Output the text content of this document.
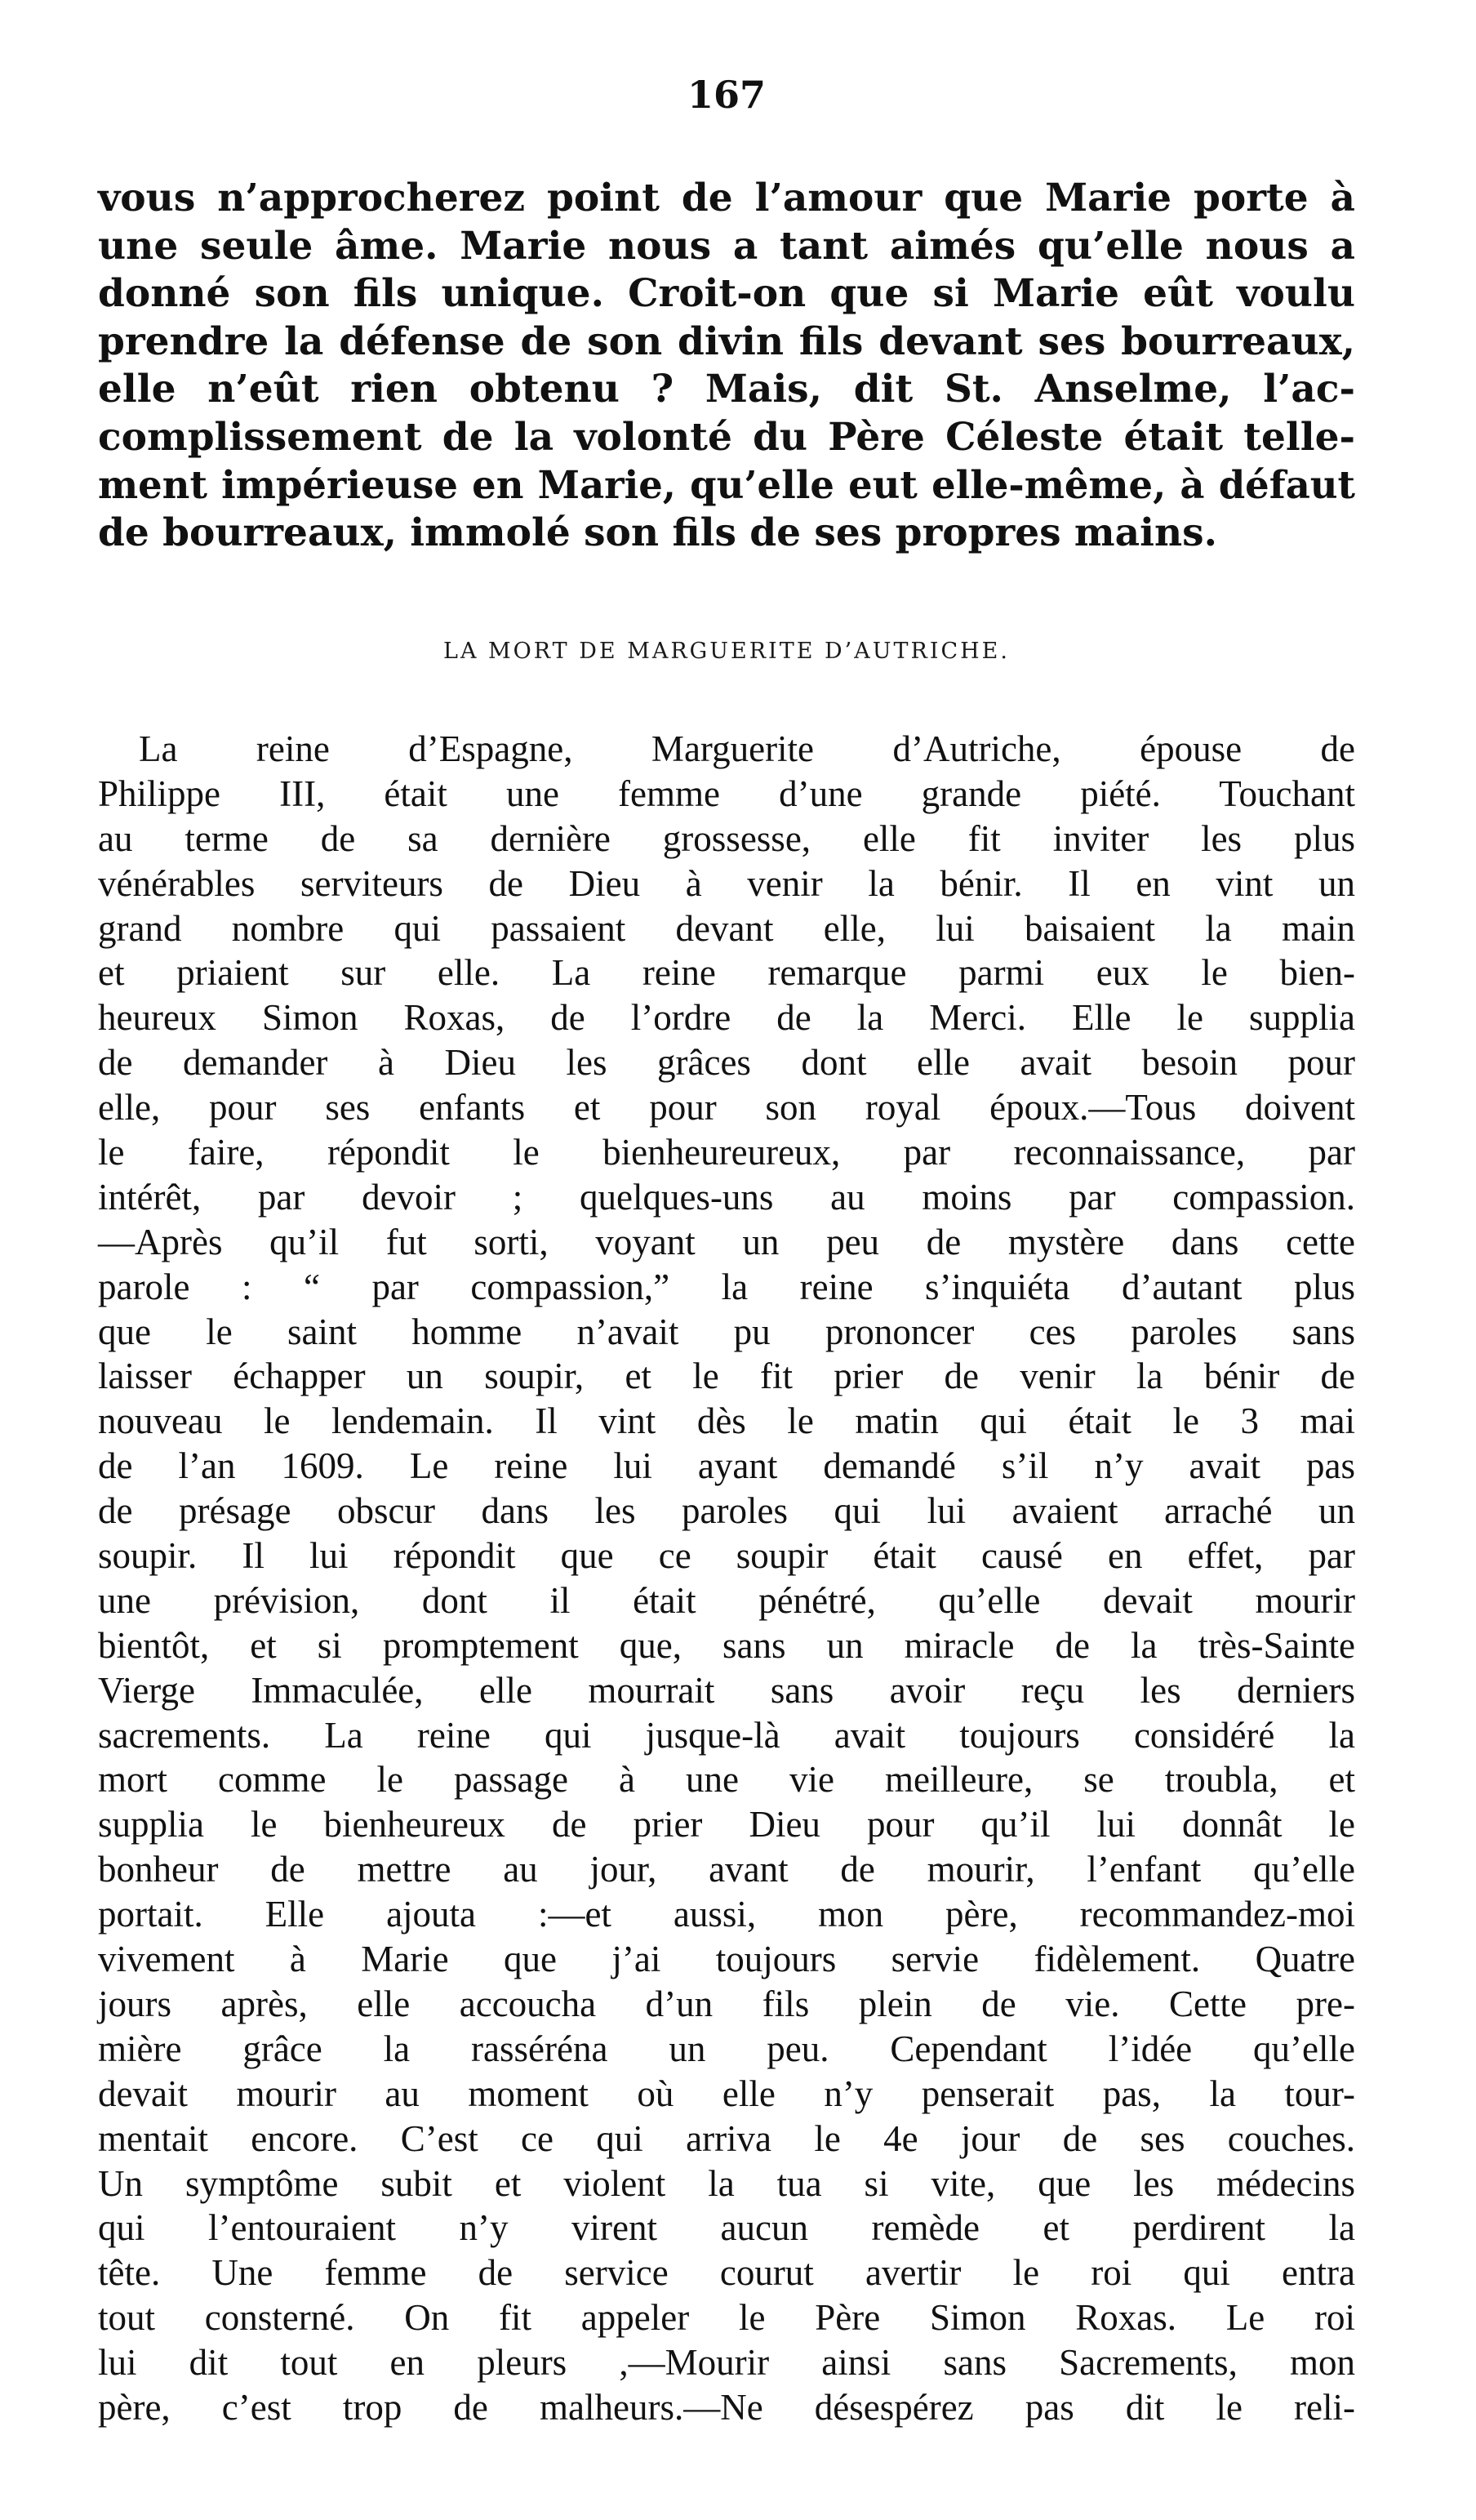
167
vous n’approcherez point de l’amour que Marie porte à
une seule âme. Marie nous a tant aimés qu’elle nous a
donné son fils unique. Croit-on que si Marie eût voulu
prendre la défense de son divin fils devant ses bourreaux,
elle n’eût rien obtenu ? Mais, dit St. Anselme, l’ac-
complissement de la volonté du Père Céleste était telle-
ment impérieuse en Marie, qu’elle eut elle-même, à défaut
de bourreaux, immolé son fils de ses propres mains.
LA MORT DE MARGUERITE D’AUTRICHE.
La reine d’Espagne, Marguerite d’Autriche, épouse de
Philippe III, était une femme d’une grande piété. Touchant
au terme de sa dernière grossesse, elle fit inviter les plus
vénérables serviteurs de Dieu à venir la bénir. Il en vint un
grand nombre qui passaient devant elle, lui baisaient la main
et priaient sur elle. La reine remarque parmi eux le bien-
heureux Simon Roxas, de l’ordre de la Merci. Elle le supplia
de demander à Dieu les grâces dont elle avait besoin pour
elle, pour ses enfants et pour son royal époux.—Tous doivent
le faire, répondit le bienheureureux, par reconnaissance, par
intérêt, par devoir ; quelques-uns au moins par compassion.
—Après qu’il fut sorti, voyant un peu de mystère dans cette
parole : “ par compassion,” la reine s’inquiéta d’autant plus
que le saint homme n’avait pu prononcer ces paroles sans
laisser échapper un soupir, et le fit prier de venir la bénir de
nouveau le lendemain. Il vint dès le matin qui était le 3 mai
de l’an 1609. Le reine lui ayant demandé s’il n’y avait pas
de présage obscur dans les paroles qui lui avaient arraché un
soupir. Il lui répondit que ce soupir était causé en effet, par
une prévision, dont il était pénétré, qu’elle devait mourir
bientôt, et si promptement que, sans un miracle de la très-Sainte
Vierge Immaculée, elle mourrait sans avoir reçu les derniers
sacrements. La reine qui jusque-là avait toujours considéré la
mort comme le passage à une vie meilleure, se troubla, et
supplia le bienheureux de prier Dieu pour qu’il lui donnât le
bonheur de mettre au jour, avant de mourir, l’enfant qu’elle
portait. Elle ajouta :—et aussi, mon père, recommandez-moi
vivement à Marie que j’ai toujours servie fidèlement. Quatre
jours après, elle accoucha d’un fils plein de vie. Cette pre-
mière grâce la rasséréna un peu. Cependant l’idée qu’elle
devait mourir au moment où elle n’y penserait pas, la tour-
mentait encore. C’est ce qui arriva le 4e jour de ses couches.
Un symptôme subit et violent la tua si vite, que les médecins
qui l’entouraient n’y virent aucun remède et perdirent la
tête. Une femme de service courut avertir le roi qui entra
tout consterné. On fit appeler le Père Simon Roxas. Le roi
lui dit tout en pleurs ,—Mourir ainsi sans Sacrements, mon
père, c’est trop de malheurs.—Ne désespérez pas dit le reli-
